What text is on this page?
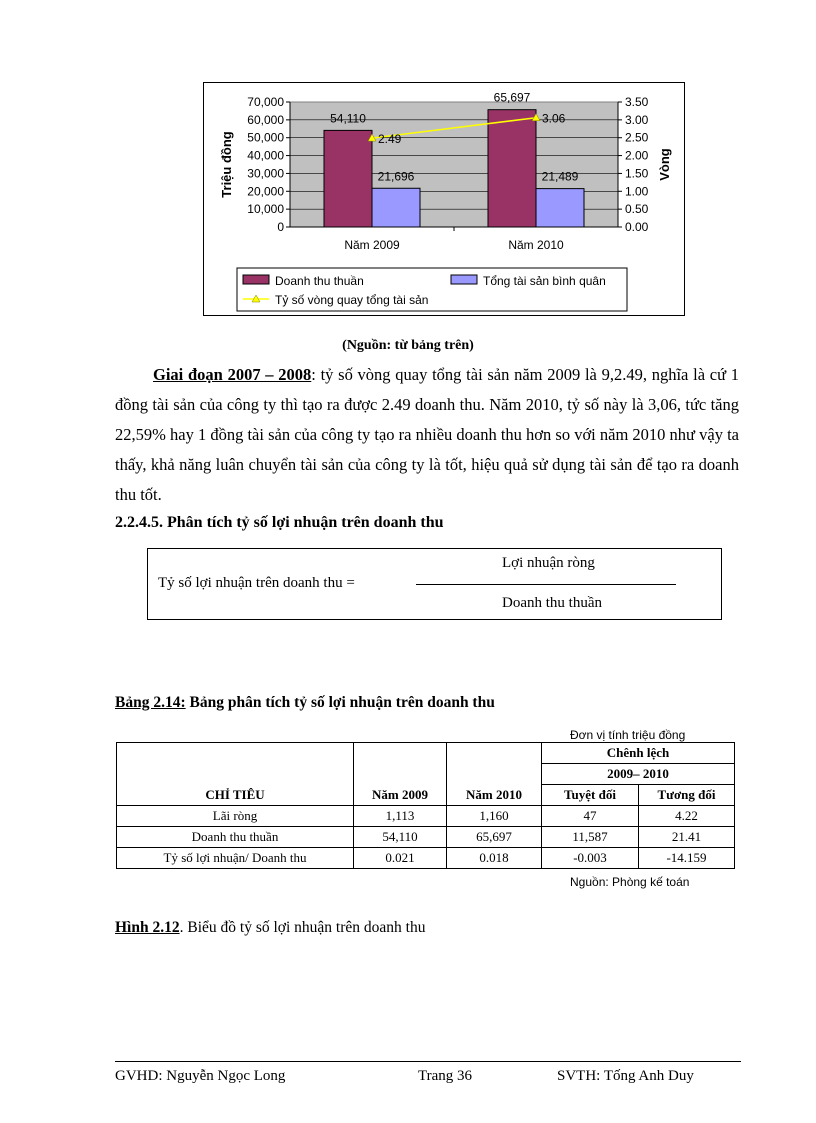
70,000	3.50
60,000	3.00
50,000	2.50
40,000	2.00
30,000	1.50
20,000	1.00
10,000	0.50
0	0.00
Triệu đồng	Vòng
54,110
21,696
Năm 2009
65,697
21,489
Năm 2010
2.49
3.06
Doanh thu thuần	Tổng tài sản bình quân
Tỷ số vòng quay tổng tài sản
(Nguồn: từ bảng trên)
Giai đoạn 2007 – 2008: tỷ số vòng quay tổng tài sản năm 2009 là 9,2.49, nghĩa là cứ 1 đồng tài sản của công ty thì tạo ra được 2.49 doanh thu. Năm 2010, tỷ số này là 3,06, tức tăng 22,59% hay 1 đồng tài sản của công ty tạo ra nhiều doanh thu hơn so với năm 2010 như vậy ta thấy, khả năng luân chuyển tài sản của công ty là tốt, hiệu quả sử dụng tài sản để tạo ra doanh thu tốt.
2.2.4.5. Phân tích tỷ số lợi nhuận trên doanh thu
Tỷ số lợi nhuận trên doanh thu =
Lợi nhuận ròng
Doanh thu thuần
Bảng 2.14: Bảng phân tích tỷ số lợi nhuận trên doanh thu
Đơn vị tính triệu đồng
CHỈ TIÊU	Năm 2009	Năm 2010	Chênh lệch	
			2009– 2010	
			Tuyệt đối	Tương đối
Lãi ròng	1,113	1,160	47	4.22
Doanh thu thuần	54,110	65,697	11,587	21.41
Tỷ số lợi nhuận/ Doanh thu	0.021	0.018	-0.003	-14.159
Nguồn: Phòng kế toán
Hình 2.12. Biểu đồ tỷ số lợi nhuận trên doanh thu
GVHD: Nguyễn Ngọc Long	Trang 36	SVTH: Tống Anh Duy
